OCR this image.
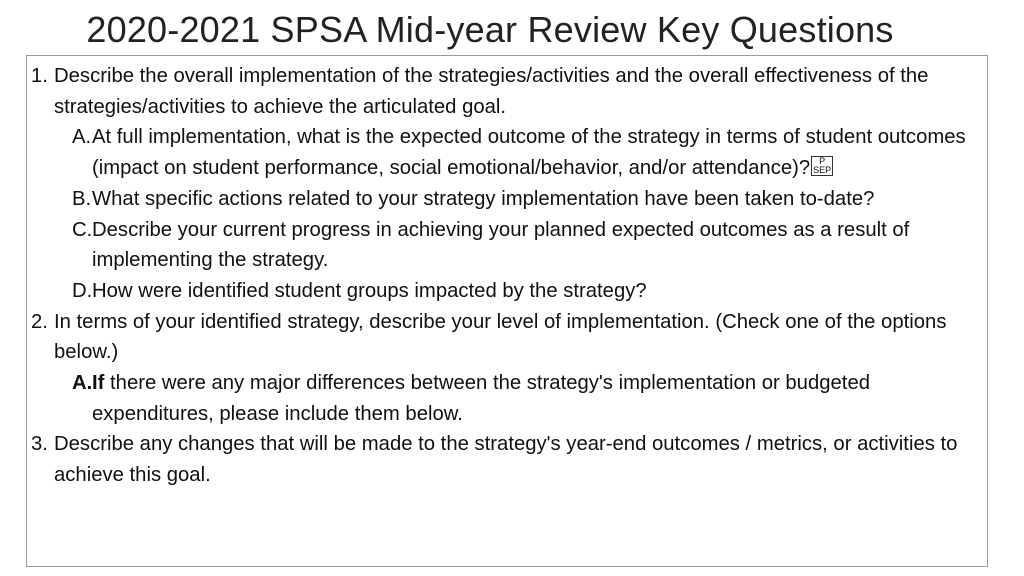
2020-2021 SPSA Mid-year Review Key Questions
1. Describe the overall implementation of the strategies/activities and the overall effectiveness of the strategies/activities to achieve the articulated goal.
A. At full implementation, what is the expected outcome of the strategy in terms of student outcomes (impact on student performance, social emotional/behavior, and/or attendance)? P
SEP
B. What specific actions related to your strategy implementation have been taken to-date?
C. Describe your current progress in achieving your planned expected outcomes as a result of implementing the strategy.
D. How were identified student groups impacted by the strategy?
2. In terms of your identified strategy, describe your level of implementation. (Check one of the options below.)
A. If there were any major differences between the strategy's implementation or budgeted expenditures, please include them below.
3. Describe any changes that will be made to the strategy's year-end outcomes / metrics, or activities to achieve this goal.
